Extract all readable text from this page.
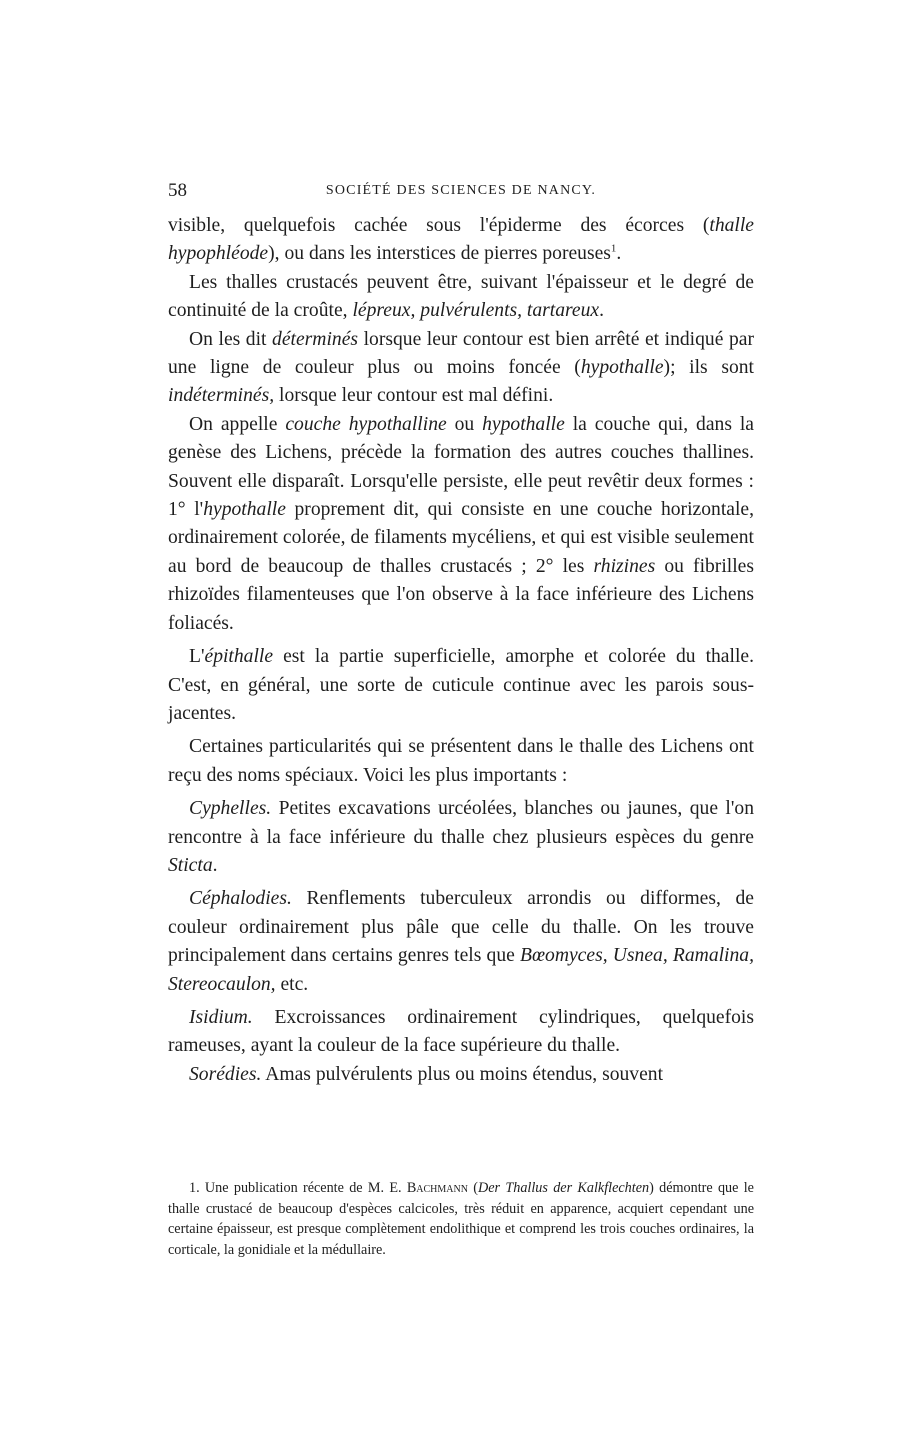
58	SOCIÉTÉ DES SCIENCES DE NANCY.

visible, quelquefois cachée sous l'épiderme des écorces (thalle hypophléode), ou dans les interstices de pierres poreuses$^1$.

Les thalles crustacés peuvent être, suivant l'épaisseur et le degré de continuité de la croûte, lépreux, pulvérulents, tartareux.

On les dit déterminés lorsque leur contour est bien arrêté et indiqué par une ligne de couleur plus ou moins foncée (hypothalle); ils sont indéterminés, lorsque leur contour est mal défini.

On appelle couche hypothalline ou hypothalle la couche qui, dans la genèse des Lichens, précède la formation des autres couches thallines. Souvent elle disparaît. Lorsqu'elle persiste, elle peut revêtir deux formes : 1° l'hypothalle proprement dit, qui consiste en une couche horizontale, ordinairement colorée, de filaments mycéliens, et qui est visible seulement au bord de beaucoup de thalles crustacés ; 2° les rhizines ou fibrilles rhizoïdes filamenteuses que l'on observe à la face inférieure des Lichens foliacés.

L'épithalle est la partie superficielle, amorphe et colorée du thalle. C'est, en général, une sorte de cuticule continue avec les parois sous-jacentes.

Certaines particularités qui se présentent dans le thalle des Lichens ont reçu des noms spéciaux. Voici les plus importants :

Cyphelles. Petites excavations urcéolées, blanches ou jaunes, que l'on rencontre à la face inférieure du thalle chez plusieurs espèces du genre Sticta.

Céphalodies. Renflements tuberculeux arrondis ou difformes, de couleur ordinairement plus pâle que celle du thalle. On les trouve principalement dans certains genres tels que Bœomyces, Usnea, Ramalina, Stereocaulon, etc.

Isidium. Excroissances ordinairement cylindriques, quelquefois rameuses, ayant la couleur de la face supérieure du thalle.

Sorédies. Amas pulvérulents plus ou moins étendus, souvent

1. Une publication récente de M. E. Bachmann (Der Thallus der Kalkflechten) démontre que le thalle crustacé de beaucoup d'espèces calcicoles, très réduit en apparence, acquiert cependant une certaine épaisseur, est presque complètement endolithique et comprend les trois couches ordinaires, la corticale, la gonidiale et la médullaire.
